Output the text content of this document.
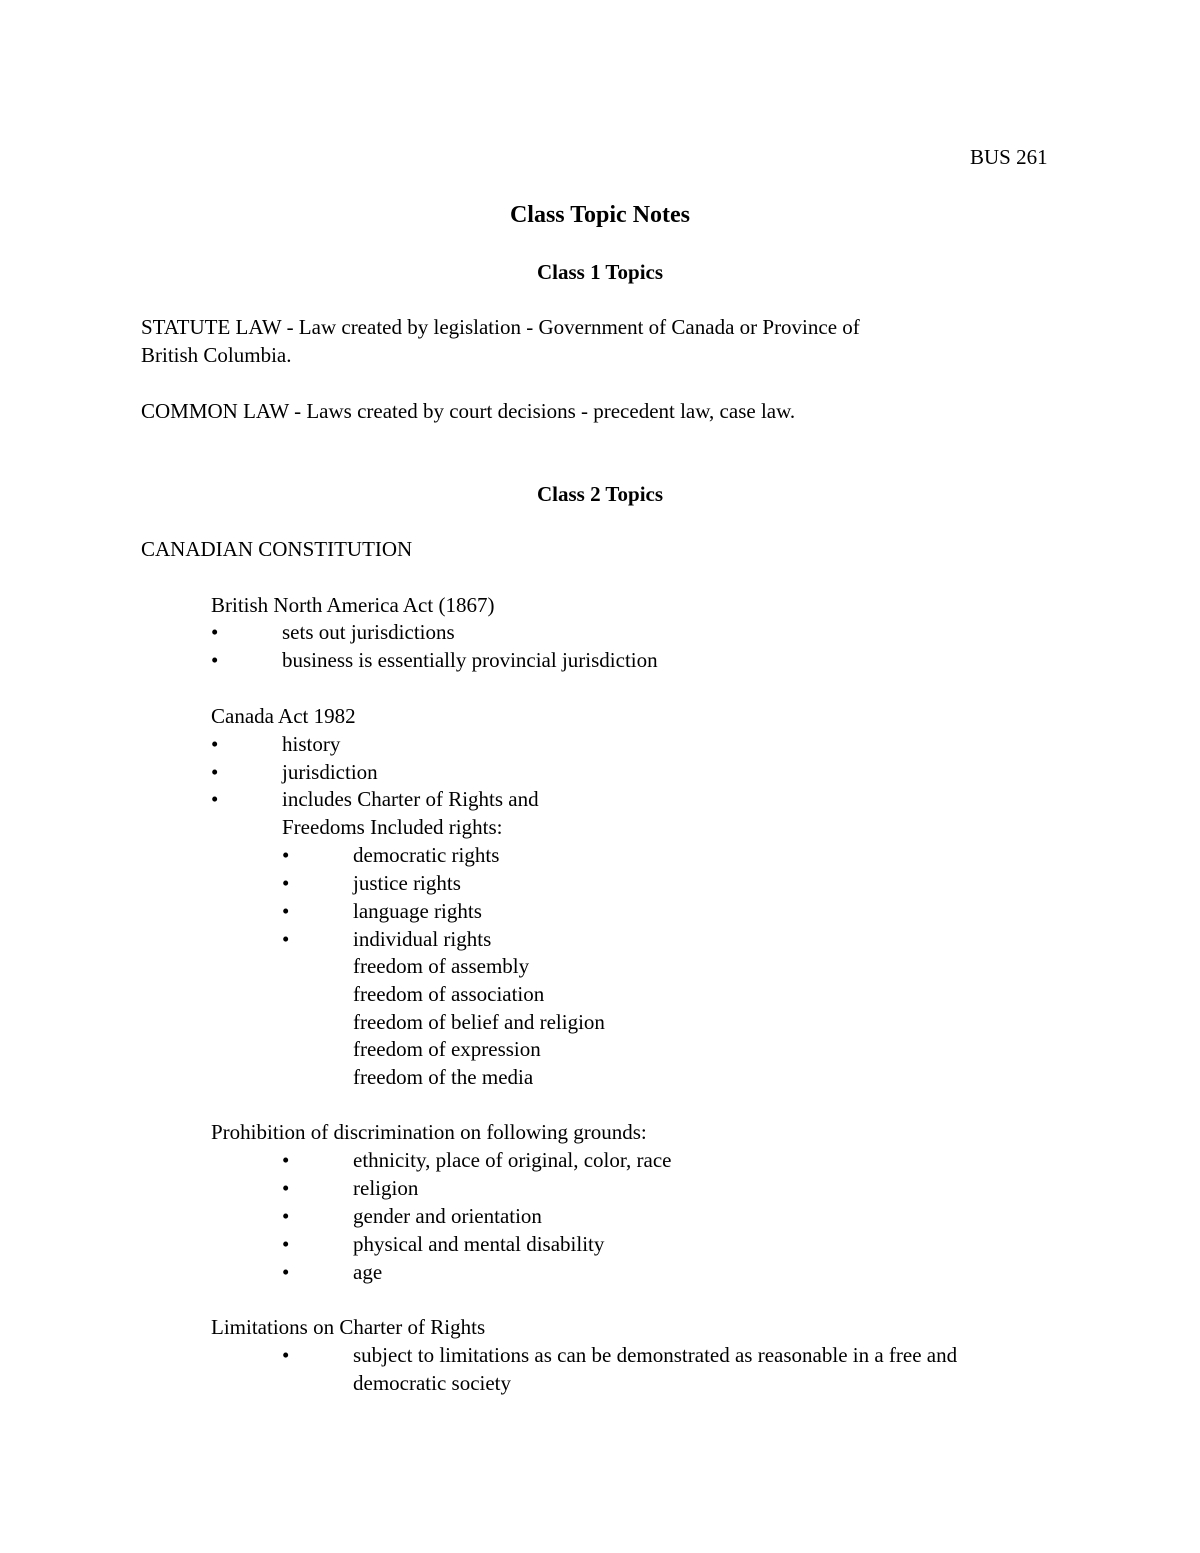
BUS 261
Class Topic Notes
Class 1 Topics
STATUTE LAW - Law created by legislation - Government of Canada or Province of
British Columbia.
COMMON LAW - Laws created by court decisions - precedent law, case law.
Class 2 Topics
CANADIAN CONSTITUTION
British North America Act (1867)
•	sets out jurisdictions
•	business is essentially provincial jurisdiction
Canada Act 1982
•	history
•	jurisdiction
•	includes Charter of Rights and
Freedoms Included rights:
•	democratic rights
•	justice rights
•	language rights
•	individual rights
freedom of assembly
freedom of association
freedom of belief and religion
freedom of expression
freedom of the media
Prohibition of discrimination on following grounds:
•	ethnicity, place of original, color, race
•	religion
•	gender and orientation
•	physical and mental disability
•	age
Limitations on Charter of Rights
•	subject to limitations as can be demonstrated as reasonable in a free and
democratic society
